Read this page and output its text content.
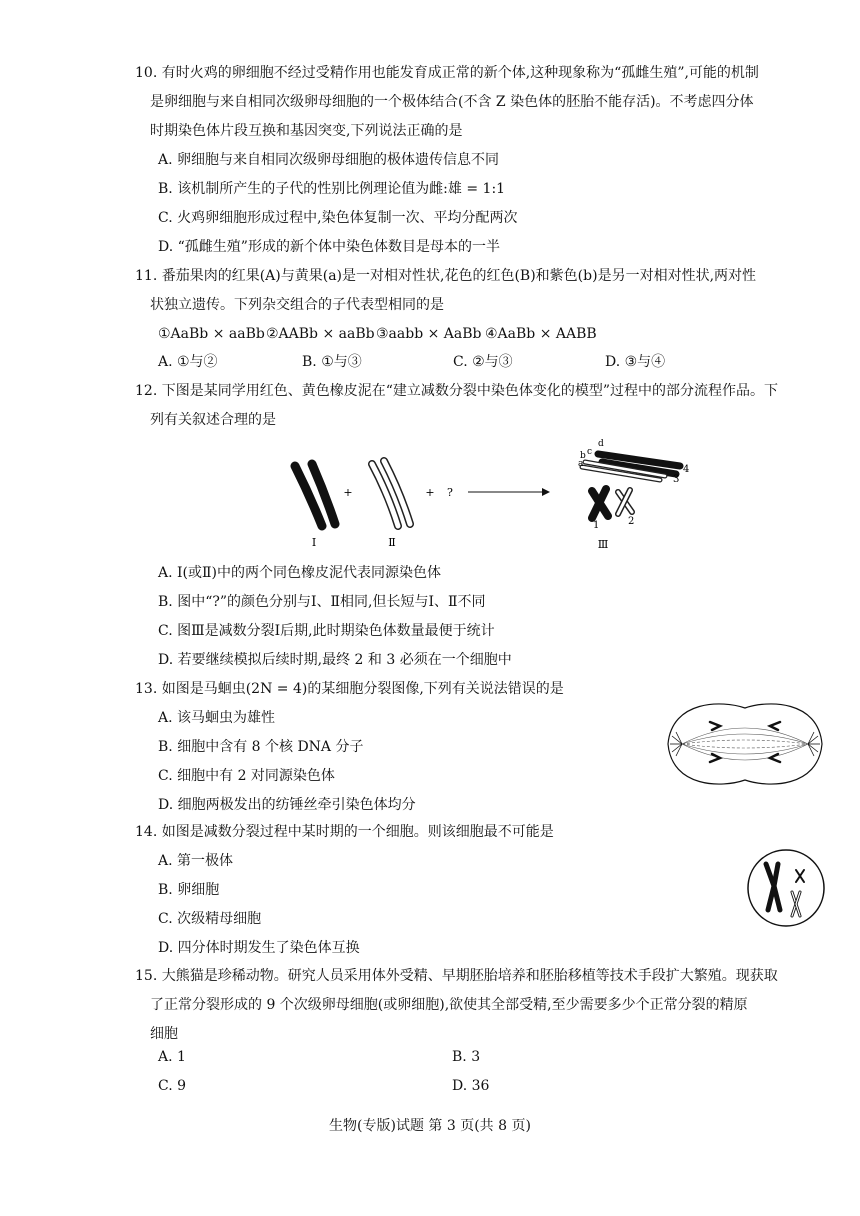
10. 有时火鸡的卵细胞不经过受精作用也能发育成正常的新个体,这种现象称为“孤雌生殖”,可能的机制
是卵细胞与来自相同次级卵母细胞的一个极体结合(不含 Z 染色体的胚胎不能存活)。不考虑四分体
时期染色体片段互换和基因突变,下列说法正确的是
A. 卵细胞与来自相同次级卵母细胞的极体遗传信息不同
B. 该机制所产生的子代的性别比例理论值为雌:雄 = 1:1
C. 火鸡卵细胞形成过程中,染色体复制一次、平均分配两次
D. “孤雌生殖”形成的新个体中染色体数目是母本的一半
11. 番茄果肉的红果(A)与黄果(a)是一对相对性状,花色的红色(B)和紫色(b)是另一对相对性状,两对性
状独立遗传。下列杂交组合的子代表型相同的是
①AaBb × aaBb ②AABb × aaBb ③aabb × AaBb ④AaBb × AABB
A. ①与②	B. ①与③	C. ②与③	D. ③与④
12. 下图是某同学用红色、黄色橡皮泥在“建立减数分裂中染色体变化的模型”过程中的部分流程作品。下
列有关叙述合理的是
Ⅰ
+
Ⅱ
+ ?
a
b c
d
1	2
3
4
Ⅲ
A. Ⅰ(或Ⅱ)中的两个同色橡皮泥代表同源染色体
B. 图中“?”的颜色分别与Ⅰ、Ⅱ相同,但长短与Ⅰ、Ⅱ不同
C. 图Ⅲ是减数分裂Ⅰ后期,此时期染色体数量最便于统计
D. 若要继续模拟后续时期,最终 2 和 3 必须在一个细胞中
13. 如图是马蛔虫(2N = 4)的某细胞分裂图像,下列有关说法错误的是
A. 该马蛔虫为雄性
B. 细胞中含有 8 个核 DNA 分子
C. 细胞中有 2 对同源染色体
D. 细胞两极发出的纺锤丝牵引染色体均分
14. 如图是减数分裂过程中某时期的一个细胞。则该细胞最不可能是
A. 第一极体
B. 卵细胞
C. 次级精母细胞
D. 四分体时期发生了染色体互换
15. 大熊猫是珍稀动物。研究人员采用体外受精、早期胚胎培养和胚胎移植等技术手段扩大繁殖。现获取
了正常分裂形成的 9 个次级卵母细胞(或卵细胞),欲使其全部受精,至少需要多少个正常分裂的精原
细胞
A. 1	B. 3
C. 9	D. 36
生物(专版)试题 第 3 页(共 8 页)
